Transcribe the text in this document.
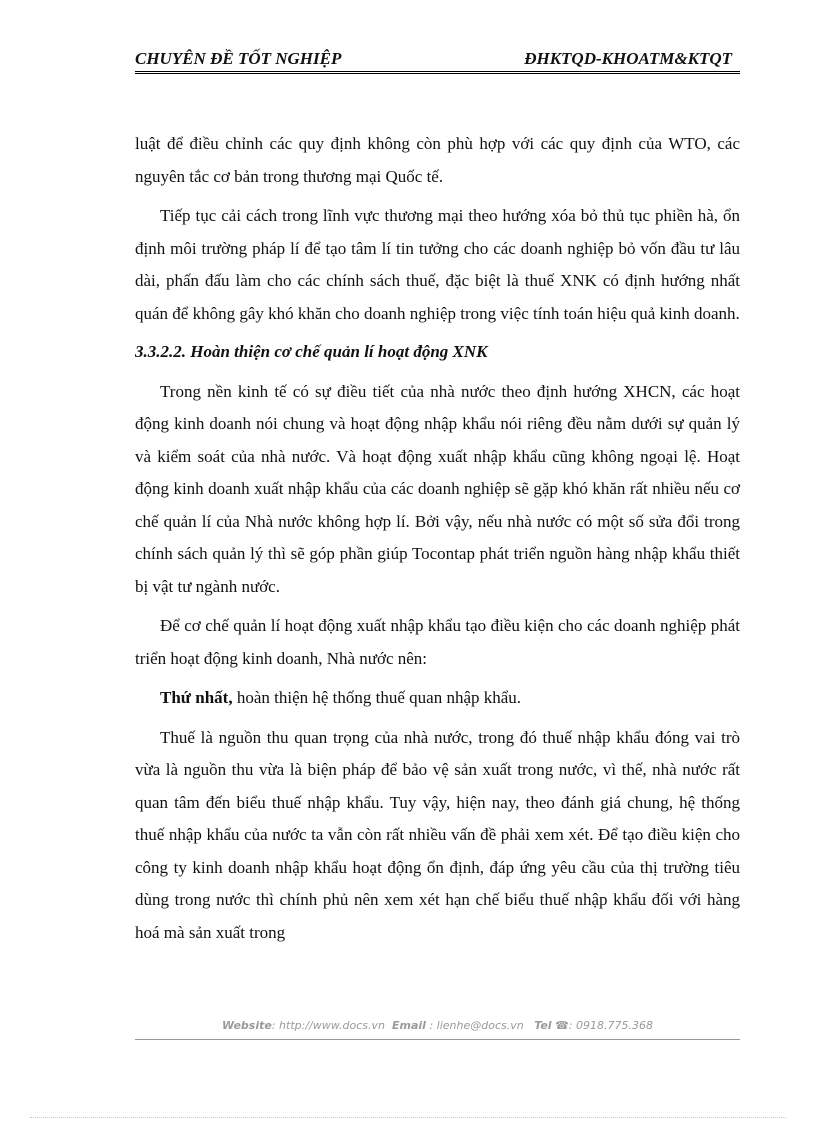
CHUYÊN ĐỀ TỐT NGHIỆP	ĐHKTQD-KHOATM&KTQT

luật để điều chỉnh các quy định không còn phù hợp với các quy định của WTO, các nguyên tắc cơ bản trong thương mại Quốc tế.

Tiếp tục cải cách trong lĩnh vực thương mại theo hướng xóa bỏ thủ tục phiền hà, ổn định môi trường pháp lí để tạo tâm lí tin tưởng cho các doanh nghiệp bỏ vốn đầu tư lâu dài, phấn đấu làm cho các chính sách thuế, đặc biệt là thuế XNK có định hướng nhất quán để không gây khó khăn cho doanh nghiệp trong việc tính toán hiệu quả kinh doanh.

3.3.2.2. Hoàn thiện cơ chế quản lí hoạt động XNK

Trong nền kinh tế có sự điều tiết của nhà nước theo định hướng XHCN, các hoạt động kinh doanh nói chung và hoạt động nhập khẩu nói riêng đều nằm dưới sự quản lý và kiểm soát của nhà nước. Và hoạt động xuất nhập khẩu cũng không ngoại lệ. Hoạt động kinh doanh xuất nhập khẩu của các doanh nghiệp sẽ gặp khó khăn rất nhiều nếu cơ chế quản lí của Nhà nước không hợp lí. Bởi vậy, nếu nhà nước có một số sửa đổi trong chính sách quản lý thì sẽ góp phần giúp Tocontap phát triển nguồn hàng nhập khẩu thiết bị vật tư ngành nước.

Để cơ chế quản lí hoạt động xuất nhập khẩu tạo điều kiện cho các doanh nghiệp phát triển hoạt động kinh doanh, Nhà nước nên:

Thứ nhất, hoàn thiện hệ thống thuế quan nhập khẩu.

Thuế là nguồn thu quan trọng của nhà nước, trong đó thuế nhập khẩu đóng vai trò vừa là nguồn thu vừa là biện pháp để bảo vệ sản xuất trong nước, vì thế, nhà nước rất quan tâm đến biểu thuế nhập khẩu. Tuy vậy, hiện nay, theo đánh giá chung, hệ thống thuế nhập khẩu của nước ta vẫn còn rất nhiều vấn đề phải xem xét. Để tạo điều kiện cho công ty kinh doanh nhập khẩu hoạt động ổn định, đáp ứng yêu cầu của thị trường tiêu dùng trong nước thì chính phủ nên xem xét hạn chế biểu thuế nhập khẩu đối với hàng hoá mà sản xuất trong

Website: http://www.docs.vn Email : lienhe@docs.vn Tel ☎: 0918.775.368
